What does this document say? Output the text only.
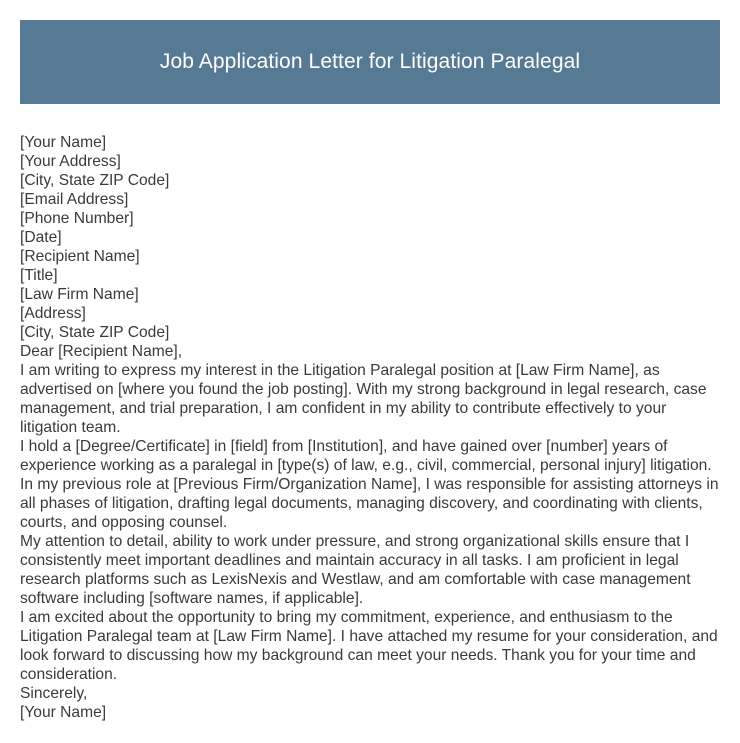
Job Application Letter for Litigation Paralegal
[Your Name]
[Your Address]
[City, State ZIP Code]
[Email Address]
[Phone Number]
[Date]
[Recipient Name]
[Title]
[Law Firm Name]
[Address]
[City, State ZIP Code]
Dear [Recipient Name],
I am writing to express my interest in the Litigation Paralegal position at [Law Firm Name], as advertised on [where you found the job posting]. With my strong background in legal research, case management, and trial preparation, I am confident in my ability to contribute effectively to your litigation team.
I hold a [Degree/Certificate] in [field] from [Institution], and have gained over [number] years of experience working as a paralegal in [type(s) of law, e.g., civil, commercial, personal injury] litigation. In my previous role at [Previous Firm/Organization Name], I was responsible for assisting attorneys in all phases of litigation, drafting legal documents, managing discovery, and coordinating with clients, courts, and opposing counsel.
My attention to detail, ability to work under pressure, and strong organizational skills ensure that I consistently meet important deadlines and maintain accuracy in all tasks. I am proficient in legal research platforms such as LexisNexis and Westlaw, and am comfortable with case management software including [software names, if applicable].
I am excited about the opportunity to bring my commitment, experience, and enthusiasm to the Litigation Paralegal team at [Law Firm Name]. I have attached my resume for your consideration, and look forward to discussing how my background can meet your needs. Thank you for your time and consideration.
Sincerely,
[Your Name]
